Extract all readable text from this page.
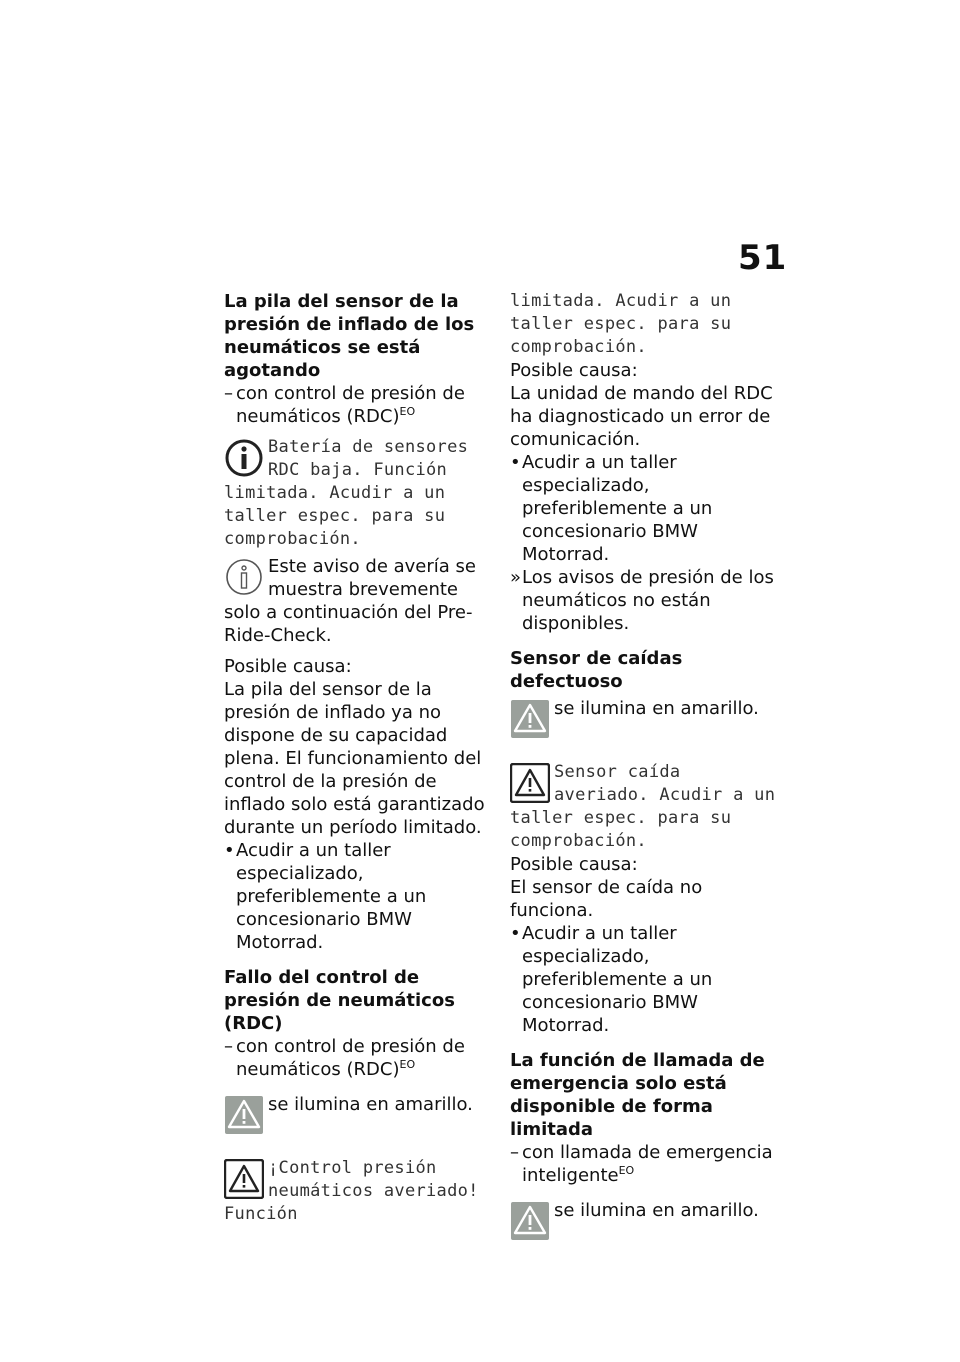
51

La pila del sensor de la presión de inflado de los neumáticos se está agotando

– con control de presión de neumáticos (RDC)$^{EO}$

Batería de sensores RDC baja. Función limitada. Acudir a un taller espec. para su comprobación.

Este aviso de avería se muestra brevemente solo a continuación del Pre-Ride-Check.

Posible causa:

La pila del sensor de la presión de inflado ya no dispone de su capacidad plena. El funcionamiento del control de la presión de inflado solo está garantizado durante un período limitado.

• Acudir a un taller especializado, preferiblemente a un concesionario BMW Motorrad.

Fallo del control de presión de neumáticos (RDC)

– con control de presión de neumáticos (RDC)$^{EO}$

se ilumina en amarillo.

¡Control presión neumáticos averiado! Función

limitada. Acudir a un taller espec. para su comprobación.

Posible causa:

La unidad de mando del RDC ha diagnosticado un error de comunicación.

• Acudir a un taller especializado, preferiblemente a un concesionario BMW Motorrad.
» Los avisos de presión de los neumáticos no están disponibles.

Sensor de caídas defectuoso

se ilumina en amarillo.

Sensor caída averiado. Acudir a un taller espec. para su comprobación.

Posible causa:

El sensor de caída no funciona.

• Acudir a un taller especializado, preferiblemente a un concesionario BMW Motorrad.

La función de llamada de emergencia solo está disponible de forma limitada

– con llamada de emergencia inteligente$^{EO}$

se ilumina en amarillo.
